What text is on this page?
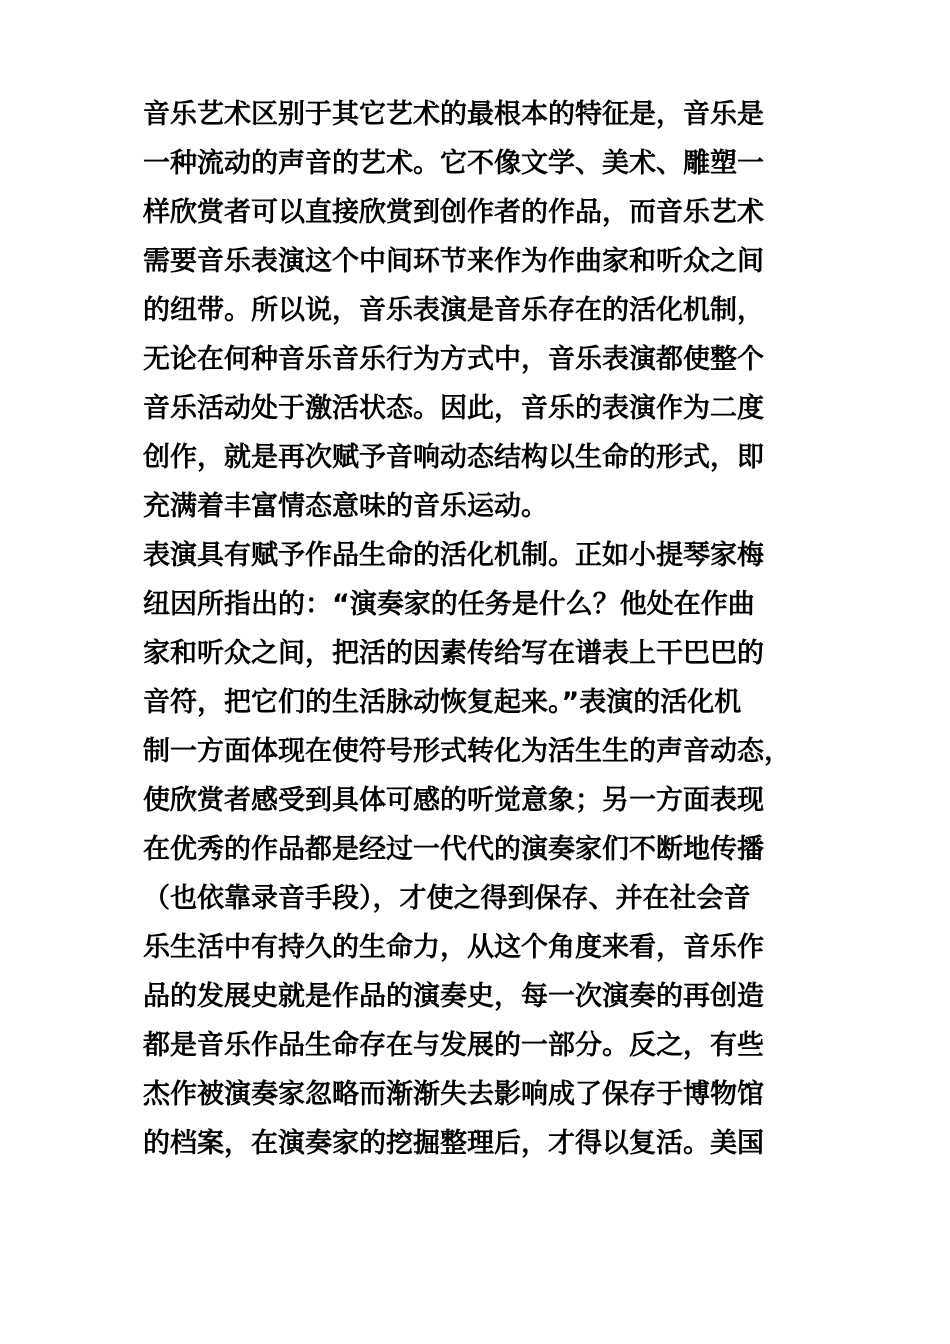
音乐艺术区别于其它艺术的最根本的特征是，音乐是
一种流动的声音的艺术。它不像文学、美术、雕塑一
样欣赏者可以直接欣赏到创作者的作品，而音乐艺术
需要音乐表演这个中间环节来作为作曲家和听众之间
的纽带。所以说，音乐表演是音乐存在的活化机制，
无论在何种音乐音乐行为方式中，音乐表演都使整个
音乐活动处于激活状态。因此，音乐的表演作为二度
创作，就是再次赋予音响动态结构以生命的形式，即
充满着丰富情态意味的音乐运动。
表演具有赋予作品生命的活化机制。正如小提琴家梅
纽因所指出的：“演奏家的任务是什么？他处在作曲
家和听众之间，把活的因素传给写在谱表上干巴巴的
音符，把它们的生活脉动恢复起来。”表演的活化机
制一方面体现在使符号形式转化为活生生的声音动态，
使欣赏者感受到具体可感的听觉意象；另一方面表现
在优秀的作品都是经过一代代的演奏家们不断地传播
（也依靠录音手段），才使之得到保存、并在社会音
乐生活中有持久的生命力，从这个角度来看，音乐作
品的发展史就是作品的演奏史，每一次演奏的再创造
都是音乐作品生命存在与发展的一部分。反之，有些
杰作被演奏家忽略而渐渐失去影响成了保存于博物馆
的档案，在演奏家的挖掘整理后，才得以复活。美国
